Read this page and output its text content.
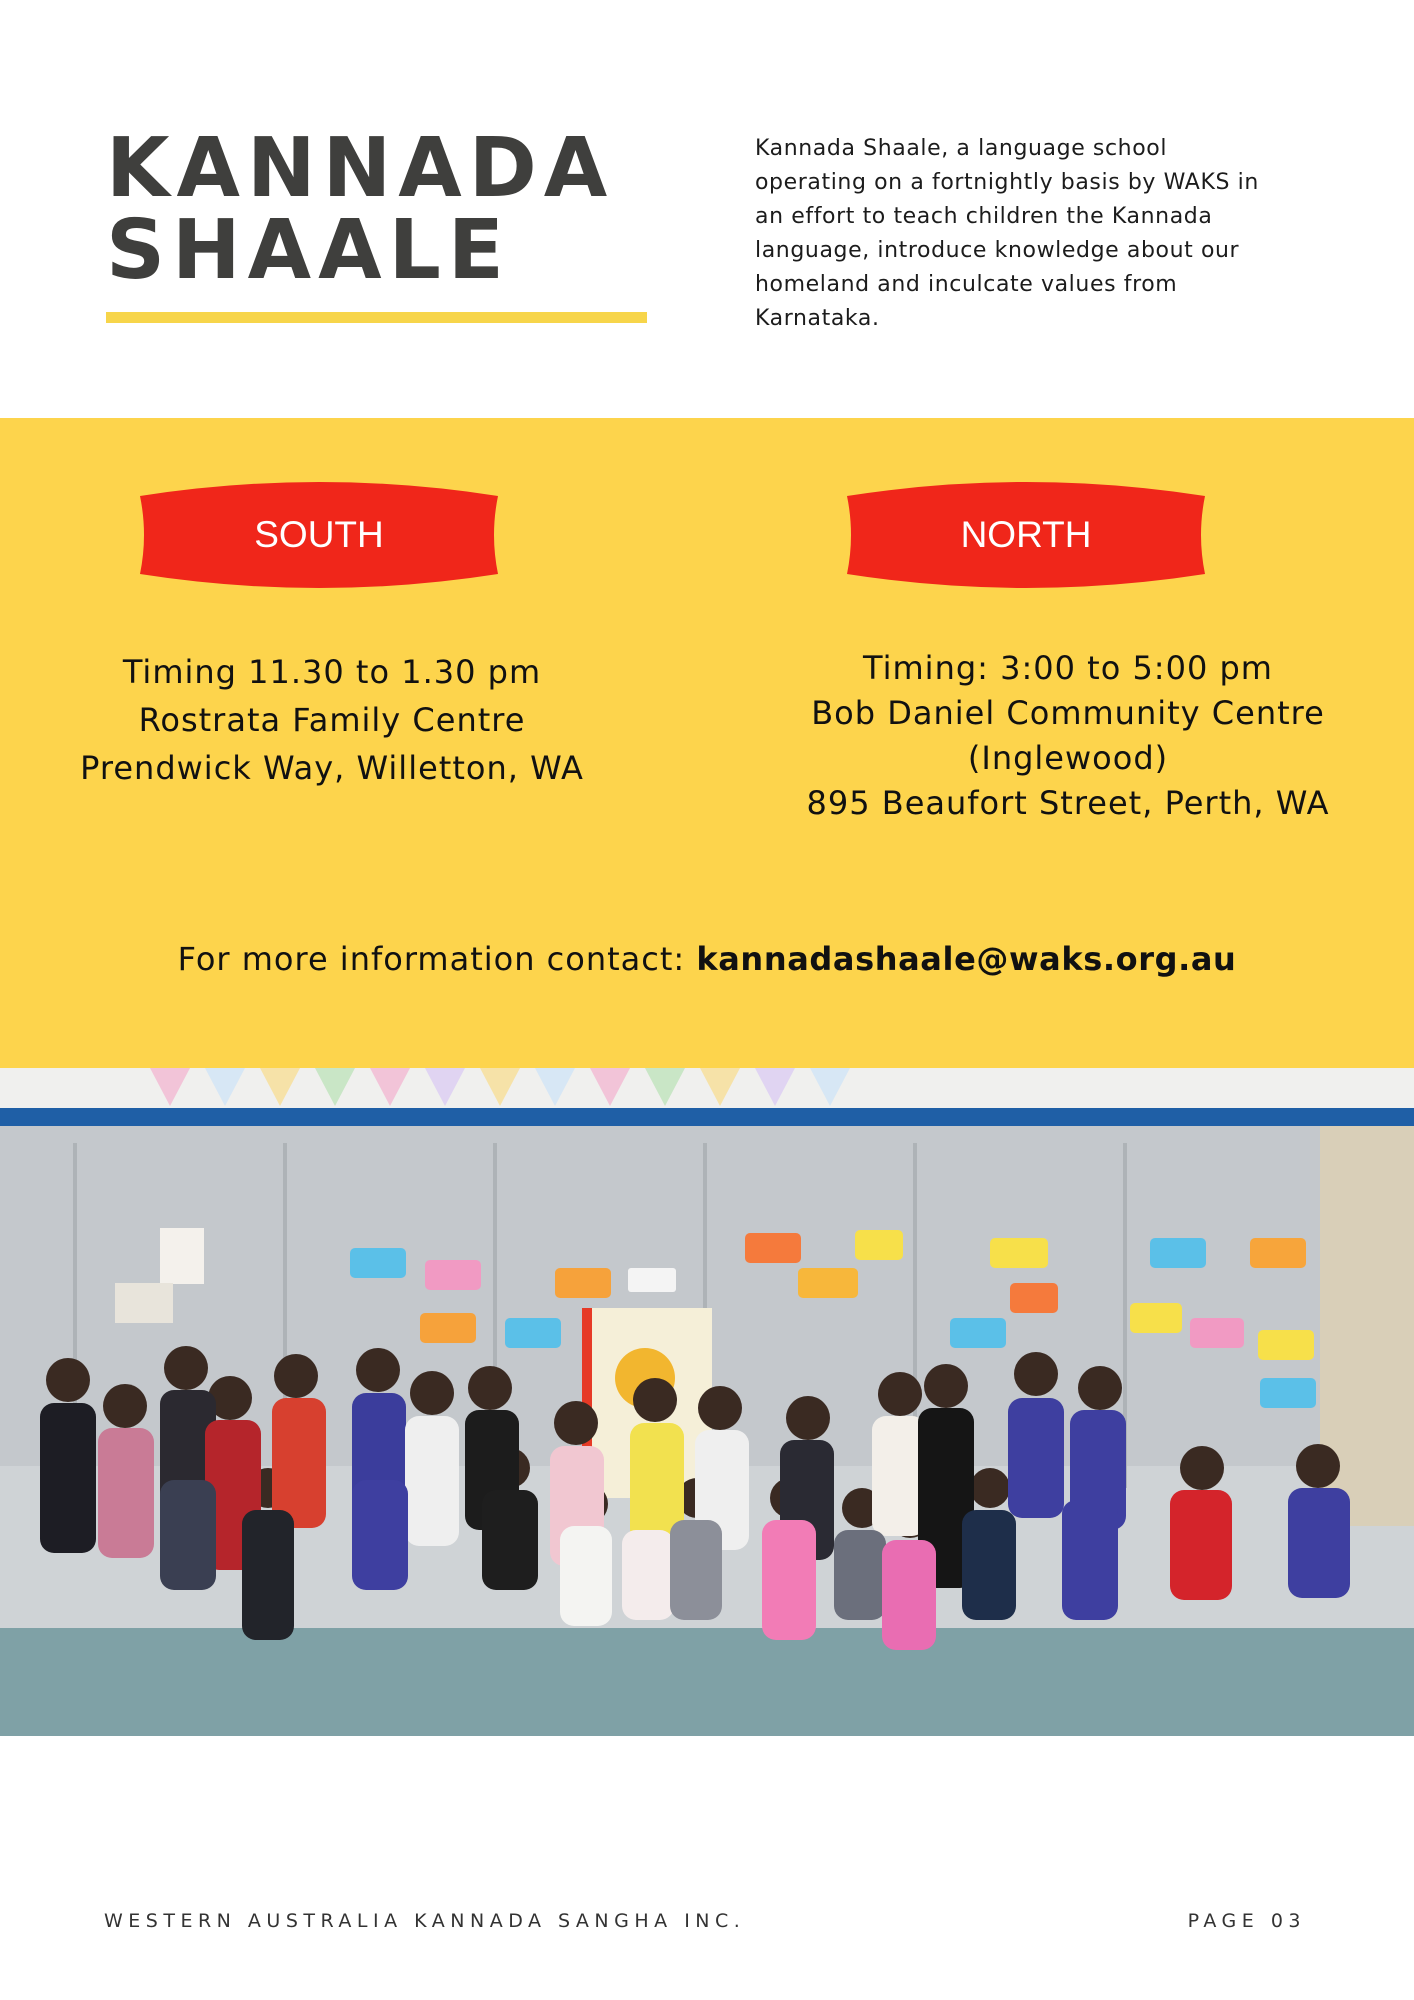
KANNADA
SHAALE
Kannada Shaale, a language school
operating on a fortnightly basis by WAKS in
an effort to teach children the Kannada
language, introduce knowledge about our
homeland and inculcate values from
Karnataka.
SOUTH	NORTH
Timing 11.30 to 1.30 pm
Rostrata Family Centre
Prendwick Way, Willetton, WA
Timing: 3:00 to 5:00 pm
Bob Daniel Community Centre
(Inglewood)
895 Beaufort Street, Perth, WA
For more information contact: kannadashaale@waks.org.au
WESTERN AUSTRALIA KANNADA SANGHA INC.	PAGE 03
